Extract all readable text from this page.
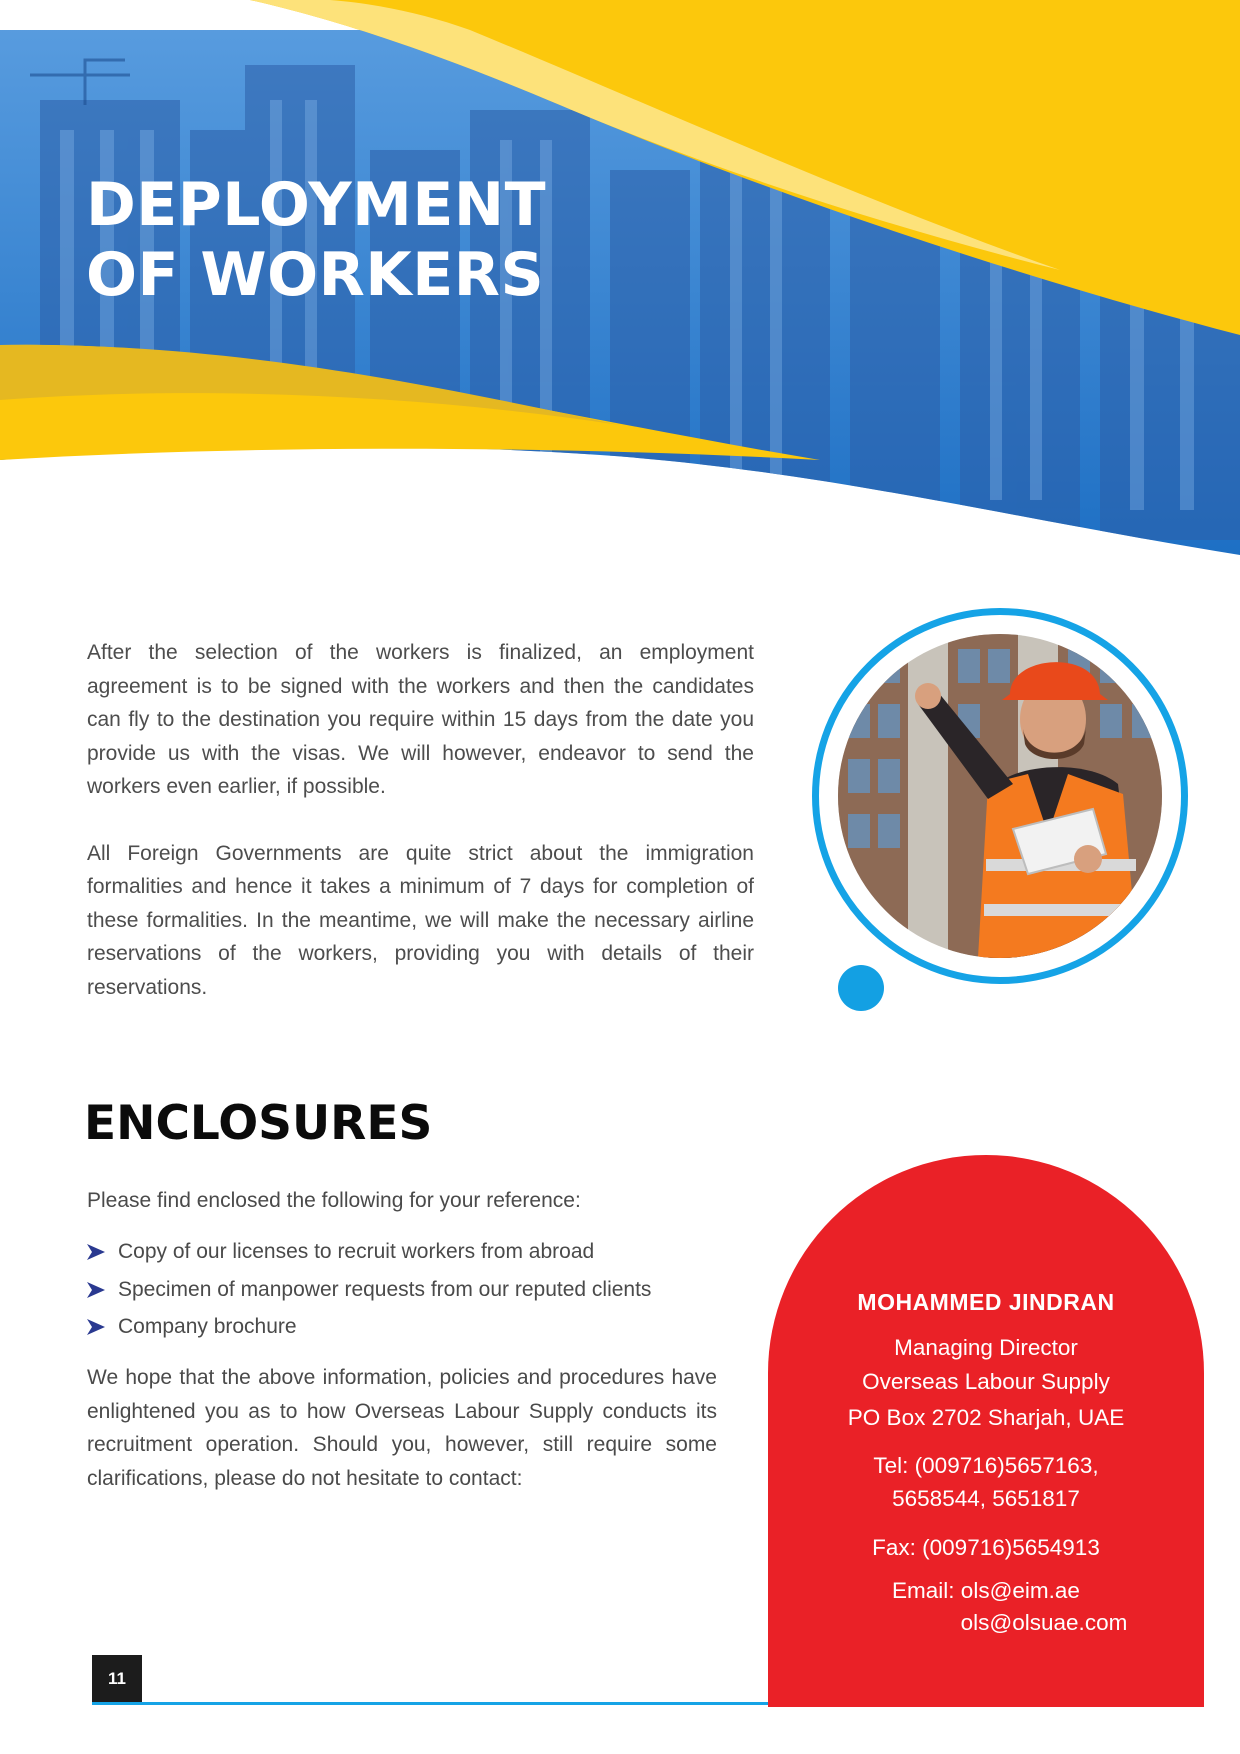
DEPLOYMENT
OF WORKERS

After the selection of the workers is finalized, an employment agreement is to be signed with the workers and then the candidates can fly to the destination you require within 15 days from the date you provide us with the visas. We will however, endeavor to send the workers even earlier, if possible.

All Foreign Governments are quite strict about the immigration formalities and hence it takes a minimum of 7 days for completion of these formalities. In the meantime, we will make the necessary airline reservations of the workers, providing you with details of their reservations.

ENCLOSURES

Please find enclosed the following for your reference:

Copy of our licenses to recruit workers from abroad
Specimen of manpower requests from our reputed clients
Company brochure

We hope that the above information, policies and procedures have enlightened you as to how Overseas Labour Supply conducts its recruitment operation. Should you, however, still require some clarifications, please do not hesitate to contact:

MOHAMMED JINDRAN
Managing Director
Overseas Labour Supply
PO Box 2702 Sharjah, UAE
Tel: (009716)5657163,
5658544, 5651817
Fax: (009716)5654913
Email: ols@eim.ae
ols@olsuae.com
11
